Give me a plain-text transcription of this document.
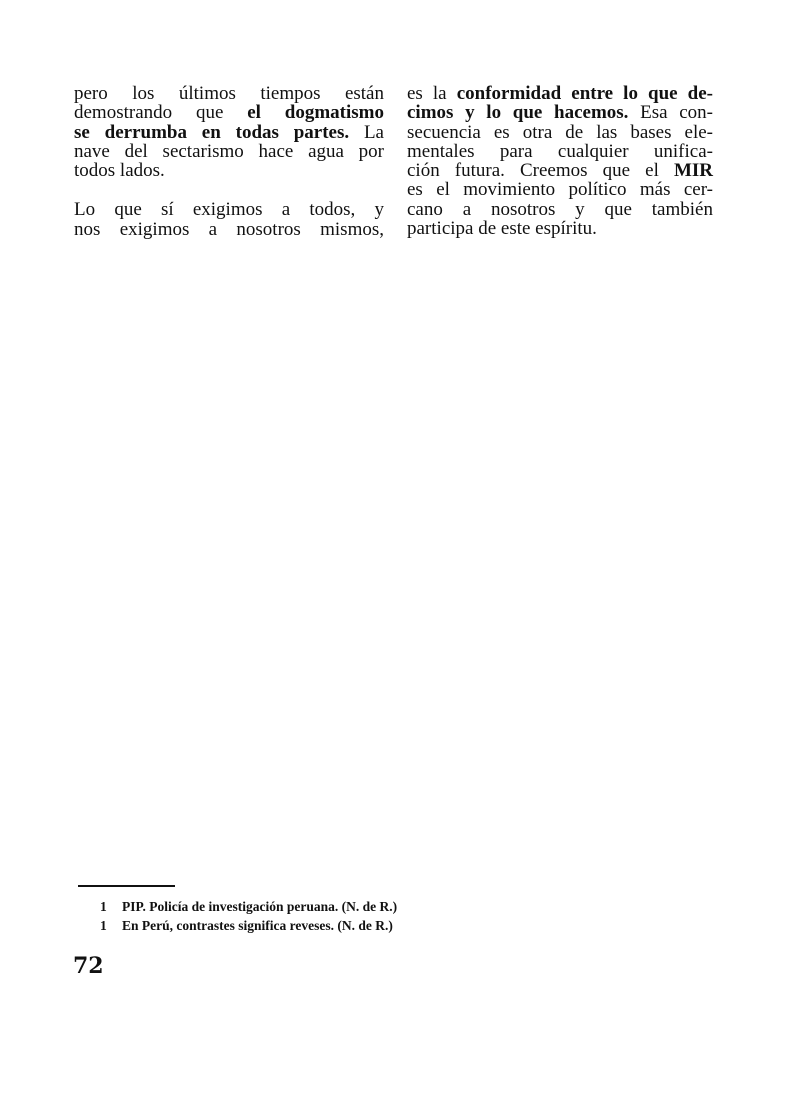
pero los últimos tiempos están
demostrando que el dogmatismo
se derrumba en todas partes. La
nave del sectarismo hace agua por
todos lados.
Lo que sí exigimos a todos, y
nos exigimos a nosotros mismos,
es la conformidad entre lo que de-
cimos y lo que hacemos. Esa con-
secuencia es otra de las bases ele-
mentales para cualquier unifica-
ción futura. Creemos que el MIR
es el movimiento político más cer-
cano a nosotros y que también
participa de este espíritu.
1 PIP. Policía de investigación peruana. (N. de R.)
1 En Perú, contrastes significa reveses. (N. de R.)
72
